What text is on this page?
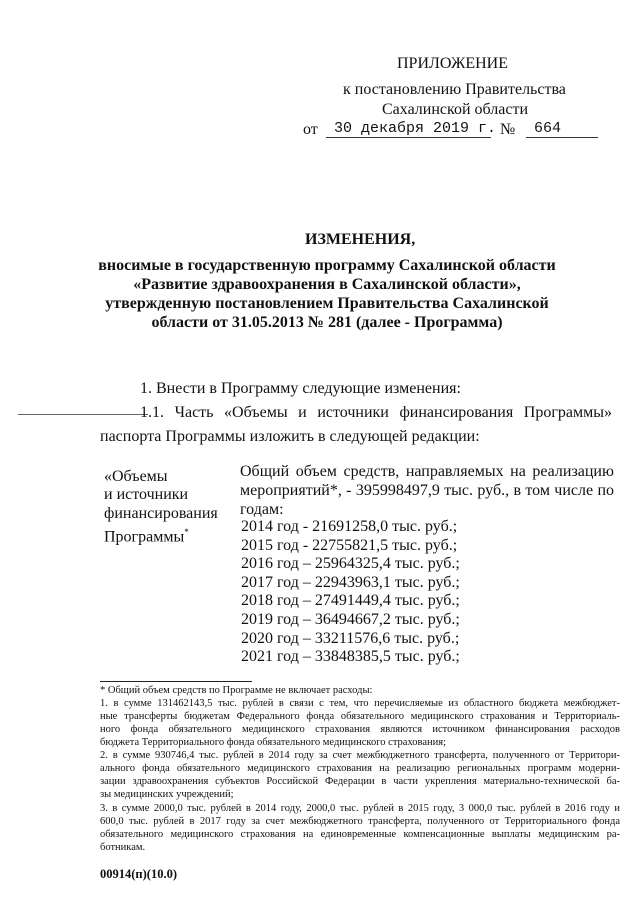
ПРИЛОЖЕНИЕ
к постановлению Правительства
Сахалинской области
от 30 декабря 2019 г. № 664
ИЗМЕНЕНИЯ,
вносимые в государственную программу Сахалинской области
«Развитие здравоохранения в Сахалинской области»,
утвержденную постановлением Правительства Сахалинской
области от 31.05.2013 № 281 (далее - Программа)
1. Внести в Программу следующие изменения:
1.1. Часть «Объемы и источники финансирования Программы»
паспорта Программы изложить в следующей редакции:
«Объемы
и источники
финансирования
Программы*
Общий объем средств, направляемых на реализацию
мероприятий*, - 395998497,9 тыс. руб., в том числе по
годам:
2014 год - 21691258,0 тыс. руб.;
2015 год - 22755821,5 тыс. руб.;
2016 год – 25964325,4 тыс. руб.;
2017 год – 22943963,1 тыс. руб.;
2018 год – 27491449,4 тыс. руб.;
2019 год – 36494667,2 тыс. руб.;
2020 год – 33211576,6 тыс. руб.;
2021 год – 33848385,5 тыс. руб.;
* Общий объем средств по Программе не включает расходы:
1. в сумме 131462143,5 тыс. рублей в связи с тем, что перечисляемые из областного бюджета межбюджет-
ные трансферты бюджетам Федерального фонда обязательного медицинского страхования и Территориаль-
ного фонда обязательного медицинского страхования являются источником финансирования расходов
бюджета Территориального фонда обязательного медицинского страхования;
2. в сумме 930746,4 тыс. рублей в 2014 году за счет межбюджетного трансферта, полученного от Территори-
ального фонда обязательного медицинского страхования на реализацию региональных программ модерни-
зации здравоохранения субъектов Российской Федерации в части укрепления материально-технической ба-
зы медицинских учреждений;
3. в сумме 2000,0 тыс. рублей в 2014 году, 2000,0 тыс. рублей в 2015 году, 3 000,0 тыс. рублей в 2016 году и
600,0 тыс. рублей в 2017 году за счет межбюджетного трансферта, полученного от Территориального фонда
обязательного медицинского страхования на единовременные компенсационные выплаты медицинским ра-
ботникам.
00914(п)(10.0)
